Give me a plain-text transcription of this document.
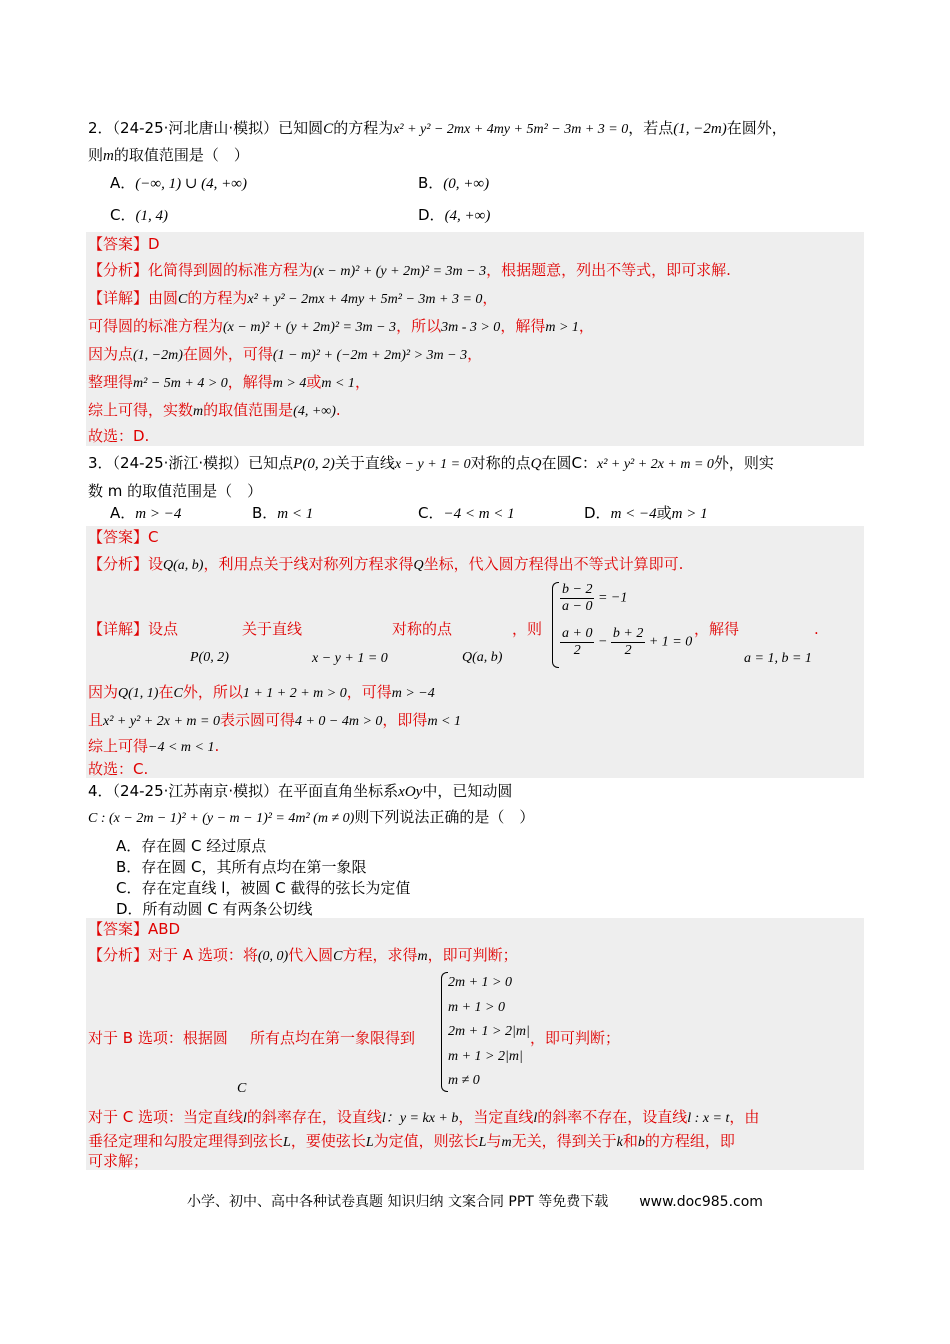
2．（24-25·河北唐山·模拟）已知圆C的方程为x² + y² − 2mx + 4my + 5m² − 3m + 3 = 0，若点(1, −2m)在圆外，
则m的取值范围是（　）
A．(−∞, 1) ∪ (4, +∞)	B．(0, +∞)
C．(1, 4)	D．(4, +∞)
【答案】D
【分析】化简得到圆的标准方程为(x − m)² + (y + 2m)² = 3m − 3，根据题意，列出不等式，即可求解.
【详解】由圆C的方程为x² + y² − 2mx + 4my + 5m² − 3m + 3 = 0，
可得圆的标准方程为(x − m)² + (y + 2m)² = 3m − 3，所以3m - 3 > 0，解得m > 1，
因为点(1, −2m)在圆外，可得(1 − m)² + (−2m + 2m)² > 3m − 3，
整理得m² − 5m + 4 > 0，解得m > 4或m < 1，
综上可得，实数m的取值范围是(4, +∞).
故选：D.
3．（24-25·浙江·模拟）已知点P(0, 2)关于直线x − y + 1 = 0对称的点Q在圆C：x² + y² + 2x + m = 0外，则实
数 m 的取值范围是（　）
A．m > −4	B．m < 1	C．−4 < m < 1	D．m < −4或m > 1
【答案】C
【分析】设Q(a, b)，利用点关于线对称列方程求得Q坐标，代入圆方程得出不等式计算即可.
【详解】设点	关于直线	对称的点	，则	，解得	.
P(0, 2)	x − y + 1 = 0	Q(a, b)	a = 1, b = 1
$\frac{b - 2}{a - 0} = -1$
$\frac{a + 0}{2} - \frac{b + 2}{2} + 1 = 0$
因为Q(1, 1)在C外，所以1 + 1 + 2 + m > 0，可得m > −4
且x² + y² + 2x + m = 0表示圆可得4 + 0 − 4m > 0，即得m < 1
综上可得−4 < m < 1.
故选：C.
4．（24-25·江苏南京·模拟）在平面直角坐标系xOy中，已知动圆
C : (x − 2m − 1)² + (y − m − 1)² = 4m² (m ≠ 0)则下列说法正确的是（　）
A．存在圆 C 经过原点
B．存在圆 C，其所有点均在第一象限
C．存在定直线 l，被圆 C 截得的弦长为定值
D．所有动圆 C 有两条公切线
【答案】ABD
【分析】对于 A 选项：将(0, 0)代入圆C方程，求得m，即可判断；
对于 B 选项：根据圆 所有点均在第一象限得到	，即可判断；
C
2m + 1 > 0
m + 1 > 0
2m + 1 > 2|m|
m + 1 > 2|m|
m ≠ 0
对于 C 选项：当定直线l的斜率存在，设直线l：y = kx + b，当定直线l的斜率不存在，设直线l : x = t，由
垂径定理和勾股定理得到弦长L，要使弦长L为定值，则弦长L与m无关，得到关于k和b的方程组，即
可求解；
小学、初中、高中各种试卷真题 知识归纳 文案合同 PPT 等免费下载 www.doc985.com
